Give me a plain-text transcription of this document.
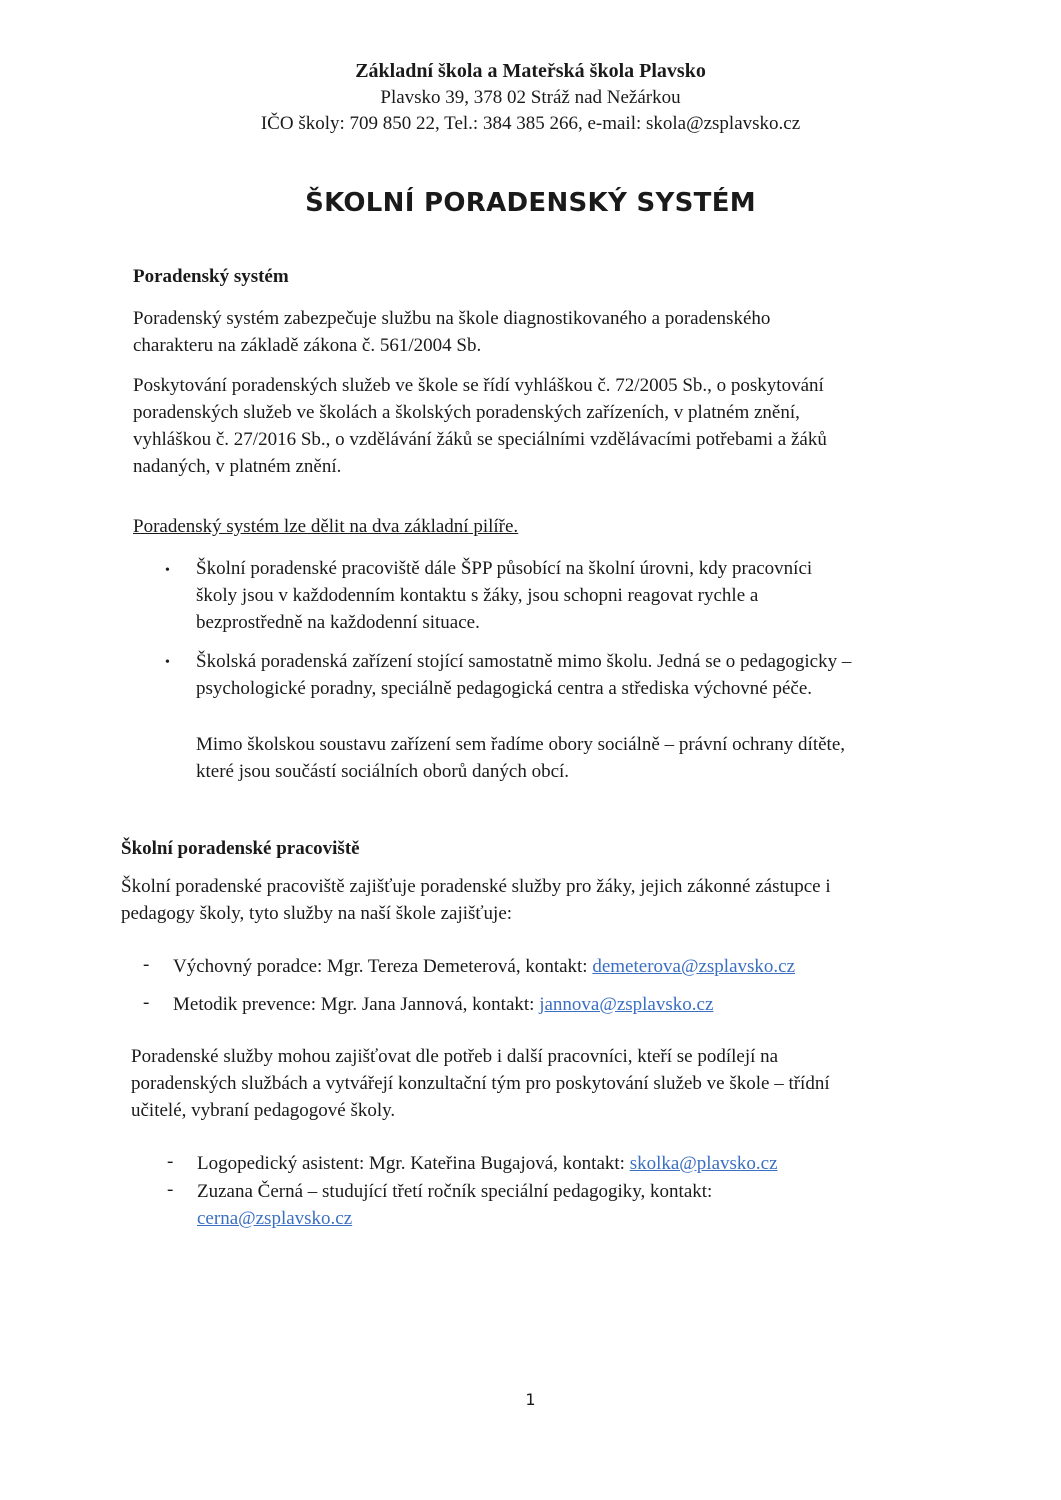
Základní škola a Mateřská škola Plavsko
Plavsko 39, 378 02 Stráž nad Nežárkou
IČO školy: 709 850 22, Tel.: 384 385 266, e-mail: skola@zsplavsko.cz
ŠKOLNÍ PORADENSKÝ SYSTÉM
Poradenský systém
Poradenský systém zabezpečuje službu na škole diagnostikovaného a poradenského
charakteru na základě zákona č. 561/2004 Sb.
Poskytování poradenských služeb ve škole se řídí vyhláškou č. 72/2005 Sb., o poskytování
poradenských služeb ve školách a školských poradenských zařízeních, v platném znění,
vyhláškou č. 27/2016 Sb., o vzdělávání žáků se speciálními vzdělávacími potřebami a žáků
nadaných, v platném znění.
Poradenský systém lze dělit na dva základní pilíře.
• Školní poradenské pracoviště dále ŠPP působící na školní úrovni, kdy pracovníci
školy jsou v každodenním kontaktu s žáky, jsou schopni reagovat rychle a
bezprostředně na každodenní situace.
• Školská poradenská zařízení stojící samostatně mimo školu. Jedná se o pedagogicky –
psychologické poradny, speciálně pedagogická centra a střediska výchovné péče.
Mimo školskou soustavu zařízení sem řadíme obory sociálně – právní ochrany dítěte,
které jsou součástí sociálních oborů daných obcí.
Školní poradenské pracoviště
Školní poradenské pracoviště zajišťuje poradenské služby pro žáky, jejich zákonné zástupce i
pedagogy školy, tyto služby na naší škole zajišťuje:
- Výchovný poradce: Mgr. Tereza Demeterová, kontakt: demeterova@zsplavsko.cz
- Metodik prevence: Mgr. Jana Jannová, kontakt: jannova@zsplavsko.cz
Poradenské služby mohou zajišťovat dle potřeb i další pracovníci, kteří se podílejí na
poradenských službách a vytvářejí konzultační tým pro poskytování služeb ve škole – třídní
učitelé, vybraní pedagogové školy.
- Logopedický asistent: Mgr. Kateřina Bugajová, kontakt: skolka@plavsko.cz
- Zuzana Černá – studující třetí ročník speciální pedagogiky, kontakt:
cerna@zsplavsko.cz
1
